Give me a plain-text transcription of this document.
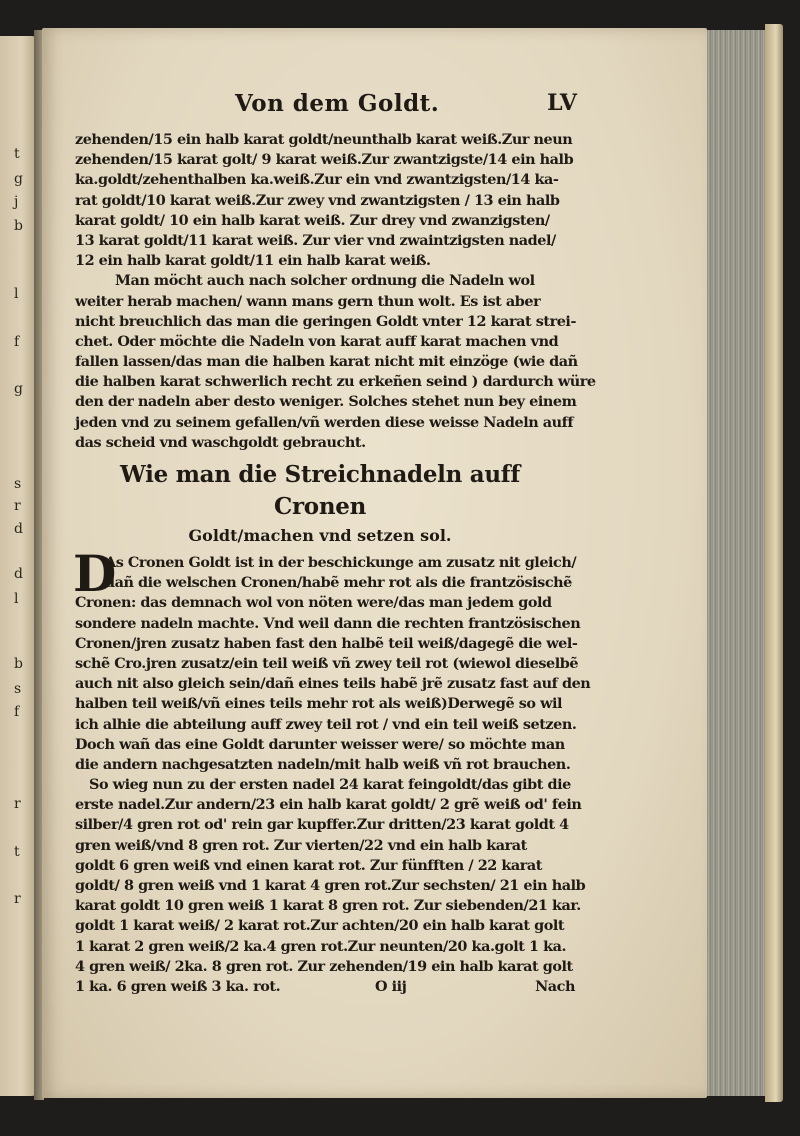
t
g
j
b
l
f
g
s
r
d
d
l
b
s
f
r
t
r
Von dem Goldt.	LV
zehenden/15 ein halb karat goldt/neunthalb karat weiß.Zur neun
zehenden/15 karat golt/ 9 karat weiß.Zur zwantzigste/14 ein halb
ka.goldt/zehenthalben ka.weiß.Zur ein vnd zwantzigsten/14 ka-
rat goldt/10 karat weiß.Zur zwey vnd zwantzigsten / 13 ein halb
karat goldt/ 10 ein halb karat weiß. Zur drey vnd zwanzigsten/
13 karat goldt/11 karat weiß. Zur vier vnd zwaintzigsten nadel/
12 ein halb karat goldt/11 ein halb karat weiß.
Man möcht auch nach solcher ordnung die Nadeln wol
weiter herab machen/ wann mans gern thun wolt. Es ist aber
nicht breuchlich das man die geringen Goldt vnter 12 karat strei-
chet. Oder möchte die Nadeln von karat auff karat machen vnd
fallen lassen/das man die halben karat nicht mit einzöge (wie dañ
die halben karat schwerlich recht zu erkeñen seind ) dardurch würe
den der nadeln aber desto weniger. Solches stehet nun bey einem
jeden vnd zu seinem gefallen/vñ werden diese weisse Nadeln auff
das scheid vnd waschgoldt gebraucht.
Wie man die Streichnadeln auff Cronen
Goldt/machen vnd setzen sol.
D
As Cronen Goldt ist in der beschickunge am zusatz nit gleich/
dañ die welschen Cronen/habẽ mehr rot als die frantzösischẽ
Cronen: das demnach wol von nöten were/das man jedem gold
sondere nadeln machte. Vnd weil dann die rechten frantzösischen
Cronen/jren zusatz haben fast den halbẽ teil weiß/dagegẽ die wel-
schẽ Cro.jren zusatz/ein teil weiß vñ zwey teil rot (wiewol dieselbẽ
auch nit also gleich sein/dañ eines teils habẽ jrẽ zusatz fast auf den
halben teil weiß/vñ eines teils mehr rot als weiß)Derwegẽ so wil
ich alhie die abteilung auff zwey teil rot / vnd ein teil weiß setzen.
Doch wañ das eine Goldt darunter weisser were/ so möchte man
die andern nachgesatzten nadeln/mit halb weiß vñ rot brauchen.
So wieg nun zu der ersten nadel 24 karat feingoldt/das gibt die
erste nadel.Zur andern/23 ein halb karat goldt/ 2 grẽ weiß od' fein
silber/4 gren rot od' rein gar kupffer.Zur dritten/23 karat goldt 4
gren weiß/vnd 8 gren rot. Zur vierten/22 vnd ein halb karat
goldt 6 gren weiß vnd einen karat rot. Zur fünfften / 22 karat
goldt/ 8 gren weiß vnd 1 karat 4 gren rot.Zur sechsten/ 21 ein halb
karat goldt 10 gren weiß 1 karat 8 gren rot. Zur siebenden/21 kar.
goldt 1 karat weiß/ 2 karat rot.Zur achten/20 ein halb karat golt
1 karat 2 gren weiß/2 ka.4 gren rot.Zur neunten/20 ka.golt 1 ka.
4 gren weiß/ 2ka. 8 gren rot. Zur zehenden/19 ein halb karat golt
1 ka. 6 gren weiß 3 ka. rot.	O iij	Nach
